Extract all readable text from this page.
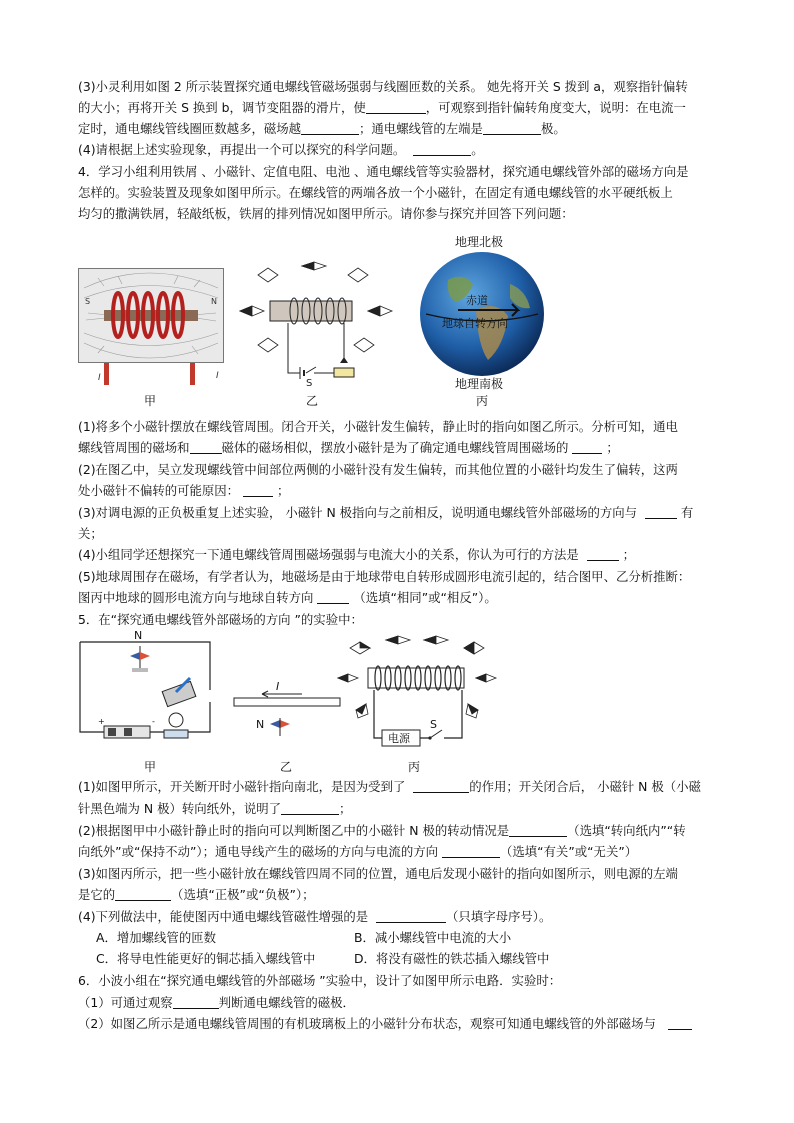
(3)小灵利用如图 2 所示装置探究通电螺线管磁场强弱与线圈匝数的关系。 她先将开关 S 拨到 a，观察指针偏转
的大小；再将开关 S 换到 b，调节变阻器的滑片，使	，可观察到指针偏转角度变大，说明：在电流一
定时，通电螺线管线圈匝数越多，磁场越	；通电螺线管的左端是	极。
(4)请根据上述实验现象，再提出一个可以探究的科学问题。	。
4．学习小组利用铁屑 、小磁针、定值电阻、电池 、通电螺线管等实验器材，探究通电螺线管外部的磁场方向是
怎样的。实验装置及现象如图甲所示。在螺线管的两端各放一个小磁针，在固定有通电螺线管的水平硬纸板上
均匀的撒满铁屑，轻敲纸板，铁屑的排列情况如图甲所示。请你参与探究并回答下列问题：
S	N
I	I
甲
S
乙
地理北极
赤道
地球自转方向
地理南极
丙
(1)将多个小磁针摆放在螺线管周围。闭合开关，小磁针发生偏转，静止时的指向如图乙所示。分析可知，通电
螺线管周围的磁场和	磁体的磁场相似，摆放小磁针是为了确定通电螺线管周围磁场的	；
(2)在图乙中，吴立发现螺线管中间部位两侧的小磁针没有发生偏转，而其他位置的小磁针均发生了偏转，这两
处小磁针不偏转的可能原因：	；
(3)对调电源的正负极重复上述实验， 小磁针 N 极指向与之前相反，说明通电螺线管外部磁场的方向与	有
关；
(4)小组同学还想探究一下通电螺线管周围磁场强弱与电流大小的关系，你认为可行的方法是	；
(5)地球周围存在磁场，有学者认为，地磁场是由于地球带电自转形成圆形电流引起的，结合图甲、乙分析推断：
图丙中地球的圆形电流方向与地球自转方向	（选填“相同”或“相反”）。
5．在“探究通电螺线管外部磁场的方向 ”的实验中：
N
+	-
甲
I
N
乙
电源
S
丙
(1)如图甲所示，开关断开时小磁针指向南北，是因为受到了	的作用；开关闭合后， 小磁针 N 极（小磁
针黑色端为 N 极）转向纸外，说明了	；
(2)根据图甲中小磁针静止时的指向可以判断图乙中的小磁针 N 极的转动情况是	（选填“转向纸内”“转
向纸外”或“保持不动”）；通电导线产生的磁场的方向与电流的方向	（选填“有关”或“无关”）
(3)如图丙所示，把一些小磁针放在螺线管四周不同的位置，通电后发现小磁针的指向如图所示，则电源的左端
是它的	（选填“正极”或“负极”）；
(4)下列做法中，能使图丙中通电螺线管磁性增强的是	（只填字母序号）。
A．增加螺线管的匝数	B．减小螺线管中电流的大小
C．将导电性能更好的铜芯插入螺线管中	D．将没有磁性的铁芯插入螺线管中
6．小波小组在“探究通电螺线管的外部磁场 ”实验中，设计了如图甲所示电路．实验时：
（1）可通过观察	判断通电螺线管的磁极．
（2）如图乙所示是通电螺线管周围的有机玻璃板上的小磁针分布状态，观察可知通电螺线管的外部磁场与
